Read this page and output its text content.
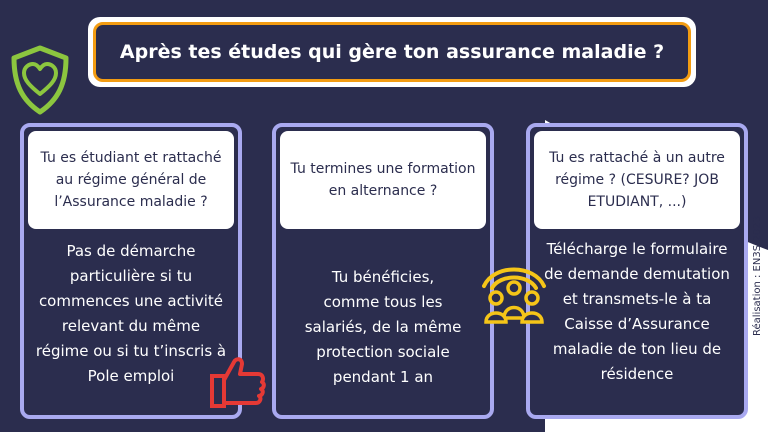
Après tes études qui gère ton assurance maladie ?
Tu es étudiant et rattaché au régime général de l’Assurance maladie ?
Pas de démarche particulière si tu commences une activité relevant du même régime ou si tu t’inscris à Pole emploi
Tu termines une formation en alternance ?
Tu bénéficies, comme tous les salariés, de la même protection sociale pendant 1 an
Tu es rattaché à un autre régime ? (CESURE? JOB ETUDIANT, ...)
Télécharge le formulaire de demande demutation et transmets-le à ta Caisse d’Assurance maladie de ton lieu de résidence
Réalisation : EN3S-2023
